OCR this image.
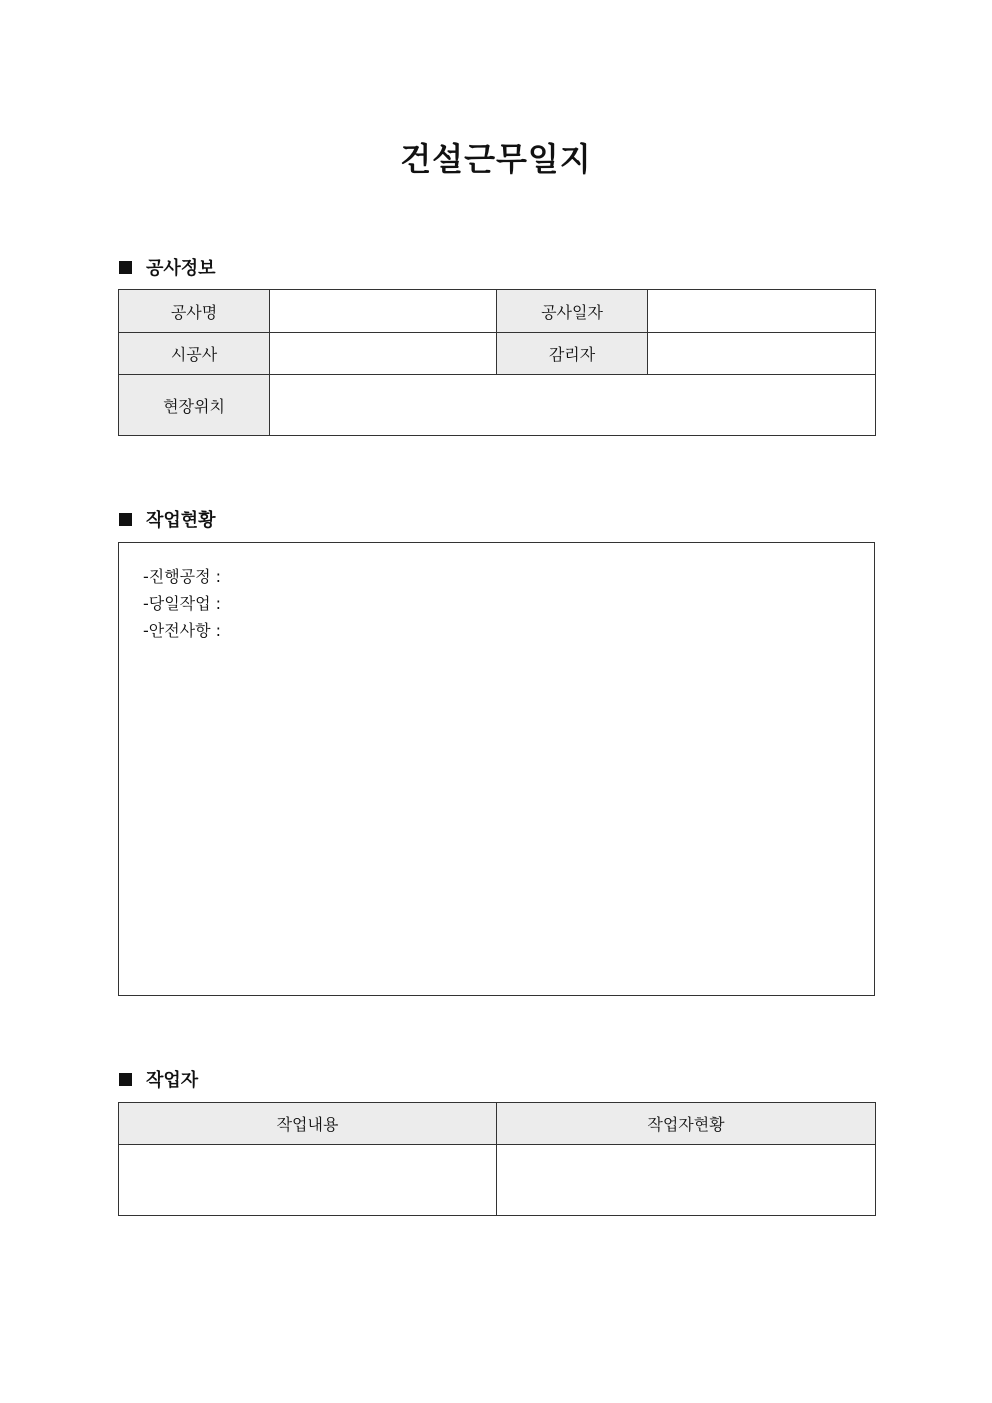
건설근무일지
공사정보
공사명		공사일자	
시공사		감리자	
현장위치			
작업현황
-진행공정 :
-당일작업 :
-안전사항 :
작업자
작업내용	작업자현황
